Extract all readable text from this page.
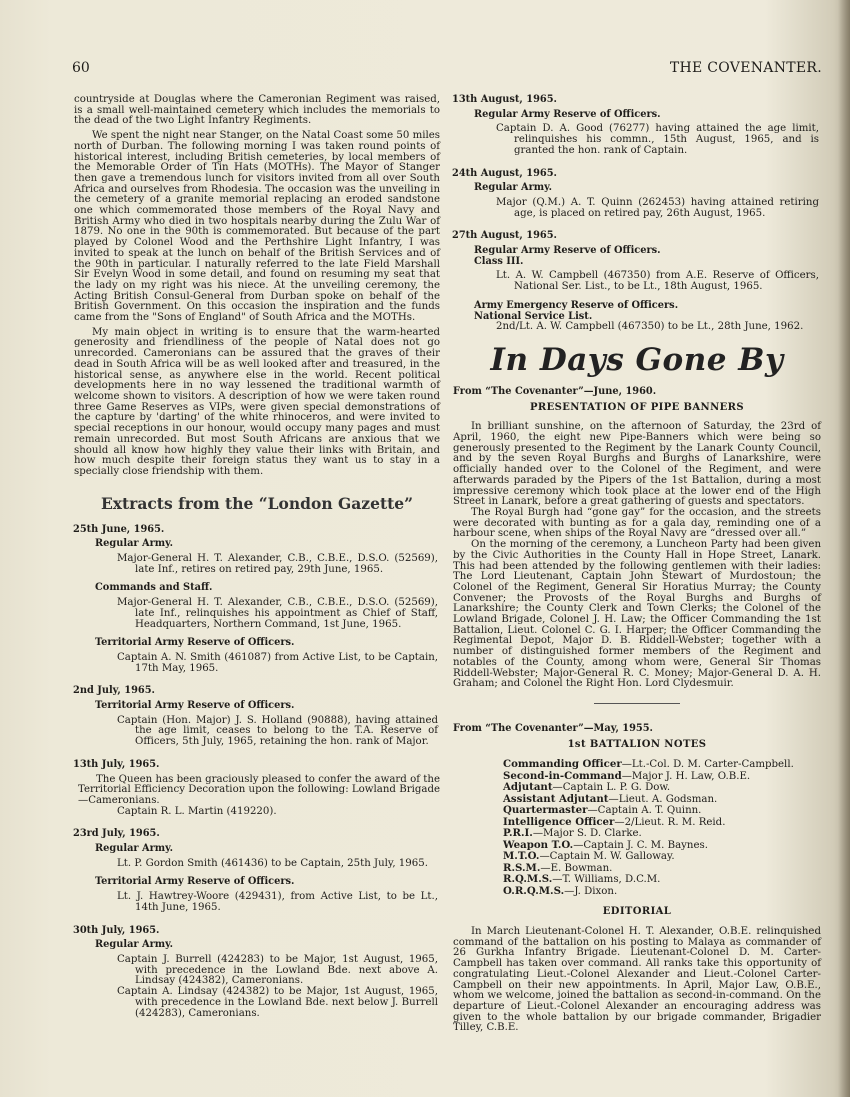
60	THE COVENANTER.

countryside at Douglas where the Cameronian Regiment was raised, is a small well-maintained cemetery which includes the memorials to the dead of the two Light Infantry Regiments.

We spent the night near Stanger, on the Natal Coast some 50 miles north of Durban. The following morning I was taken round points of historical interest, including British cemeteries, by local members of the Memorable Order of Tin Hats (MOTHs). The Mayor of Stanger then gave a tremendous lunch for visitors invited from all over South Africa and ourselves from Rhodesia. The occasion was the unveiling in the cemetery of a granite memorial replacing an eroded sandstone one which commemorated those members of the Royal Navy and British Army who died in two hospitals nearby during the Zulu War of 1879. No one in the 90th is commemorated. But because of the part played by Colonel Wood and the Perthshire Light Infantry, I was invited to speak at the lunch on behalf of the British Services and of the 90th in particular. I naturally referred to the late Field Marshall Sir Evelyn Wood in some detail, and found on resuming my seat that the lady on my right was his niece. At the unveiling ceremony, the Acting British Consul-General from Durban spoke on behalf of the British Government. On this occasion the inspiration and the funds came from the "Sons of England" of South Africa and the MOTHs.

My main object in writing is to ensure that the warm-hearted generosity and friendliness of the people of Natal does not go unrecorded. Cameronians can be assured that the graves of their dead in South Africa will be as well looked after and treasured, in the historical sense, as anywhere else in the world. Recent political developments here in no way lessened the traditional warmth of welcome shown to visitors. A description of how we were taken round three Game Reserves as VIPs, were given special demonstrations of the capture by 'darting' of the white rhinoceros, and were invited to special receptions in our honour, would occupy many pages and must remain unrecorded. But most South Africans are anxious that we should all know how highly they value their links with Britain, and how much despite their foreign status they want us to stay in a specially close friendship with them.

Extracts from the “London Gazette”
25th June, 1965.
Regular Army.

Major-General H. T. Alexander, C.B., C.B.E., D.S.O. (52569), late Inf., retires on retired pay, 29th June, 1965.

Commands and Staff.

Major-General H. T. Alexander, C.B., C.B.E., D.S.O. (52569), late Inf., relinquishes his appointment as Chief of Staff, Headquarters, Northern Command, 1st June, 1965.

Territorial Army Reserve of Officers.

Captain A. N. Smith (461087) from Active List, to be Captain, 17th May, 1965.

2nd July, 1965.
Territorial Army Reserve of Officers.

Captain (Hon. Major) J. S. Holland (90888), having attained the age limit, ceases to belong to the T.A. Reserve of Officers, 5th July, 1965, retaining the hon. rank of Major.

13th July, 1965.

The Queen has been graciously pleased to confer the award of the Territorial Efficiency Decoration upon the following: Lowland Brigade—Cameronians.

Captain R. L. Martin (419220).

23rd July, 1965.
Regular Army.

Lt. P. Gordon Smith (461436) to be Captain, 25th July, 1965.

Territorial Army Reserve of Officers.

Lt. J. Hawtrey-Woore (429431), from Active List, to be Lt., 14th June, 1965.

30th July, 1965.
Regular Army.

Captain J. Burrell (424283) to be Major, 1st August, 1965, with precedence in the Lowland Bde. next above A. Lindsay (424382), Cameronians.

Captain A. Lindsay (424382) to be Major, 1st August, 1965, with precedence in the Lowland Bde. next below J. Burrell (424283), Cameronians.

13th August, 1965.
Regular Army Reserve of Officers.

Captain D. A. Good (76277) having attained the age limit, relinquishes his commn., 15th August, 1965, and is granted the hon. rank of Captain.

24th August, 1965.
Regular Army.

Major (Q.M.) A. T. Quinn (262453) having attained retiring age, is placed on retired pay, 26th August, 1965.

27th August, 1965.
Regular Army Reserve of Officers.
Class III.

Lt. A. W. Campbell (467350) from A.E. Reserve of Officers, National Ser. List., to be Lt., 18th August, 1965.

Army Emergency Reserve of Officers.
National Service List.

2nd/Lt. A. W. Campbell (467350) to be Lt., 28th June, 1962.

In Days Gone By
From “The Covenanter”—June, 1960.
PRESENTATION OF PIPE BANNERS

In brilliant sunshine, on the afternoon of Saturday, the 23rd of April, 1960, the eight new Pipe-Banners which were being so generously presented to the Regiment by the Lanark County Council, and by the seven Royal Burghs and Burghs of Lanarkshire, were officially handed over to the Colonel of the Regiment, and were afterwards paraded by the Pipers of the 1st Battalion, during a most impressive ceremony which took place at the lower end of the High Street in Lanark, before a great gathering of guests and spectators.

The Royal Burgh had “gone gay” for the occasion, and the streets were decorated with bunting as for a gala day, reminding one of a harbour scene, when ships of the Royal Navy are “dressed over all.”

On the morning of the ceremony, a Luncheon Party had been given by the Civic Authorities in the County Hall in Hope Street, Lanark. This had been attended by the following gentlemen with their ladies: The Lord Lieutenant, Captain John Stewart of Murdostoun; the Colonel of the Regiment, General Sir Horatius Murray; the County Convener; the Provosts of the Royal Burghs and Burghs of Lanarkshire; the County Clerk and Town Clerks; the Colonel of the Lowland Brigade, Colonel J. H. Law; the Officer Commanding the 1st Battalion, Lieut. Colonel C. G. I. Harper; the Officer Commanding the Regimental Depot, Major D. B. Riddell-Webster; together with a number of distinguished former members of the Regiment and notables of the County, among whom were, General Sir Thomas Riddell-Webster; Major-General R. C. Money; Major-General D. A. H. Graham; and Colonel the Right Hon. Lord Clydesmuir.

From “The Covenanter”—May, 1955.
1st BATTALION NOTES
Commanding Officer—Lt.-Col. D. M. Carter-Campbell.
Second-in-Command—Major J. H. Law, O.B.E.
Adjutant—Captain L. P. G. Dow.
Assistant Adjutant—Lieut. A. Godsman.
Quartermaster—Captain A. T. Quinn.
Intelligence Officer—2/Lieut. R. M. Reid.
P.R.I.—Major S. D. Clarke.
Weapon T.O.—Captain J. C. M. Baynes.
M.T.O.—Captain M. W. Galloway.
R.S.M.—E. Bowman.
R.Q.M.S.—T. Williams, D.C.M.
O.R.Q.M.S.—J. Dixon.
EDITORIAL

In March Lieutenant-Colonel H. T. Alexander, O.B.E. relinquished command of the battalion on his posting to Malaya as commander of 26 Gurkha Infantry Brigade. Lieutenant-Colonel D. M. Carter-Campbell has taken over command. All ranks take this opportunity of congratulating Lieut.-Colonel Alexander and Lieut.-Colonel Carter-Campbell on their new appointments. In April, Major Law, O.B.E., whom we welcome, joined the battalion as second-in-command. On the departure of Lieut.-Colonel Alexander an encouraging address was given to the whole battalion by our brigade commander, Brigadier Tilley, C.B.E.
